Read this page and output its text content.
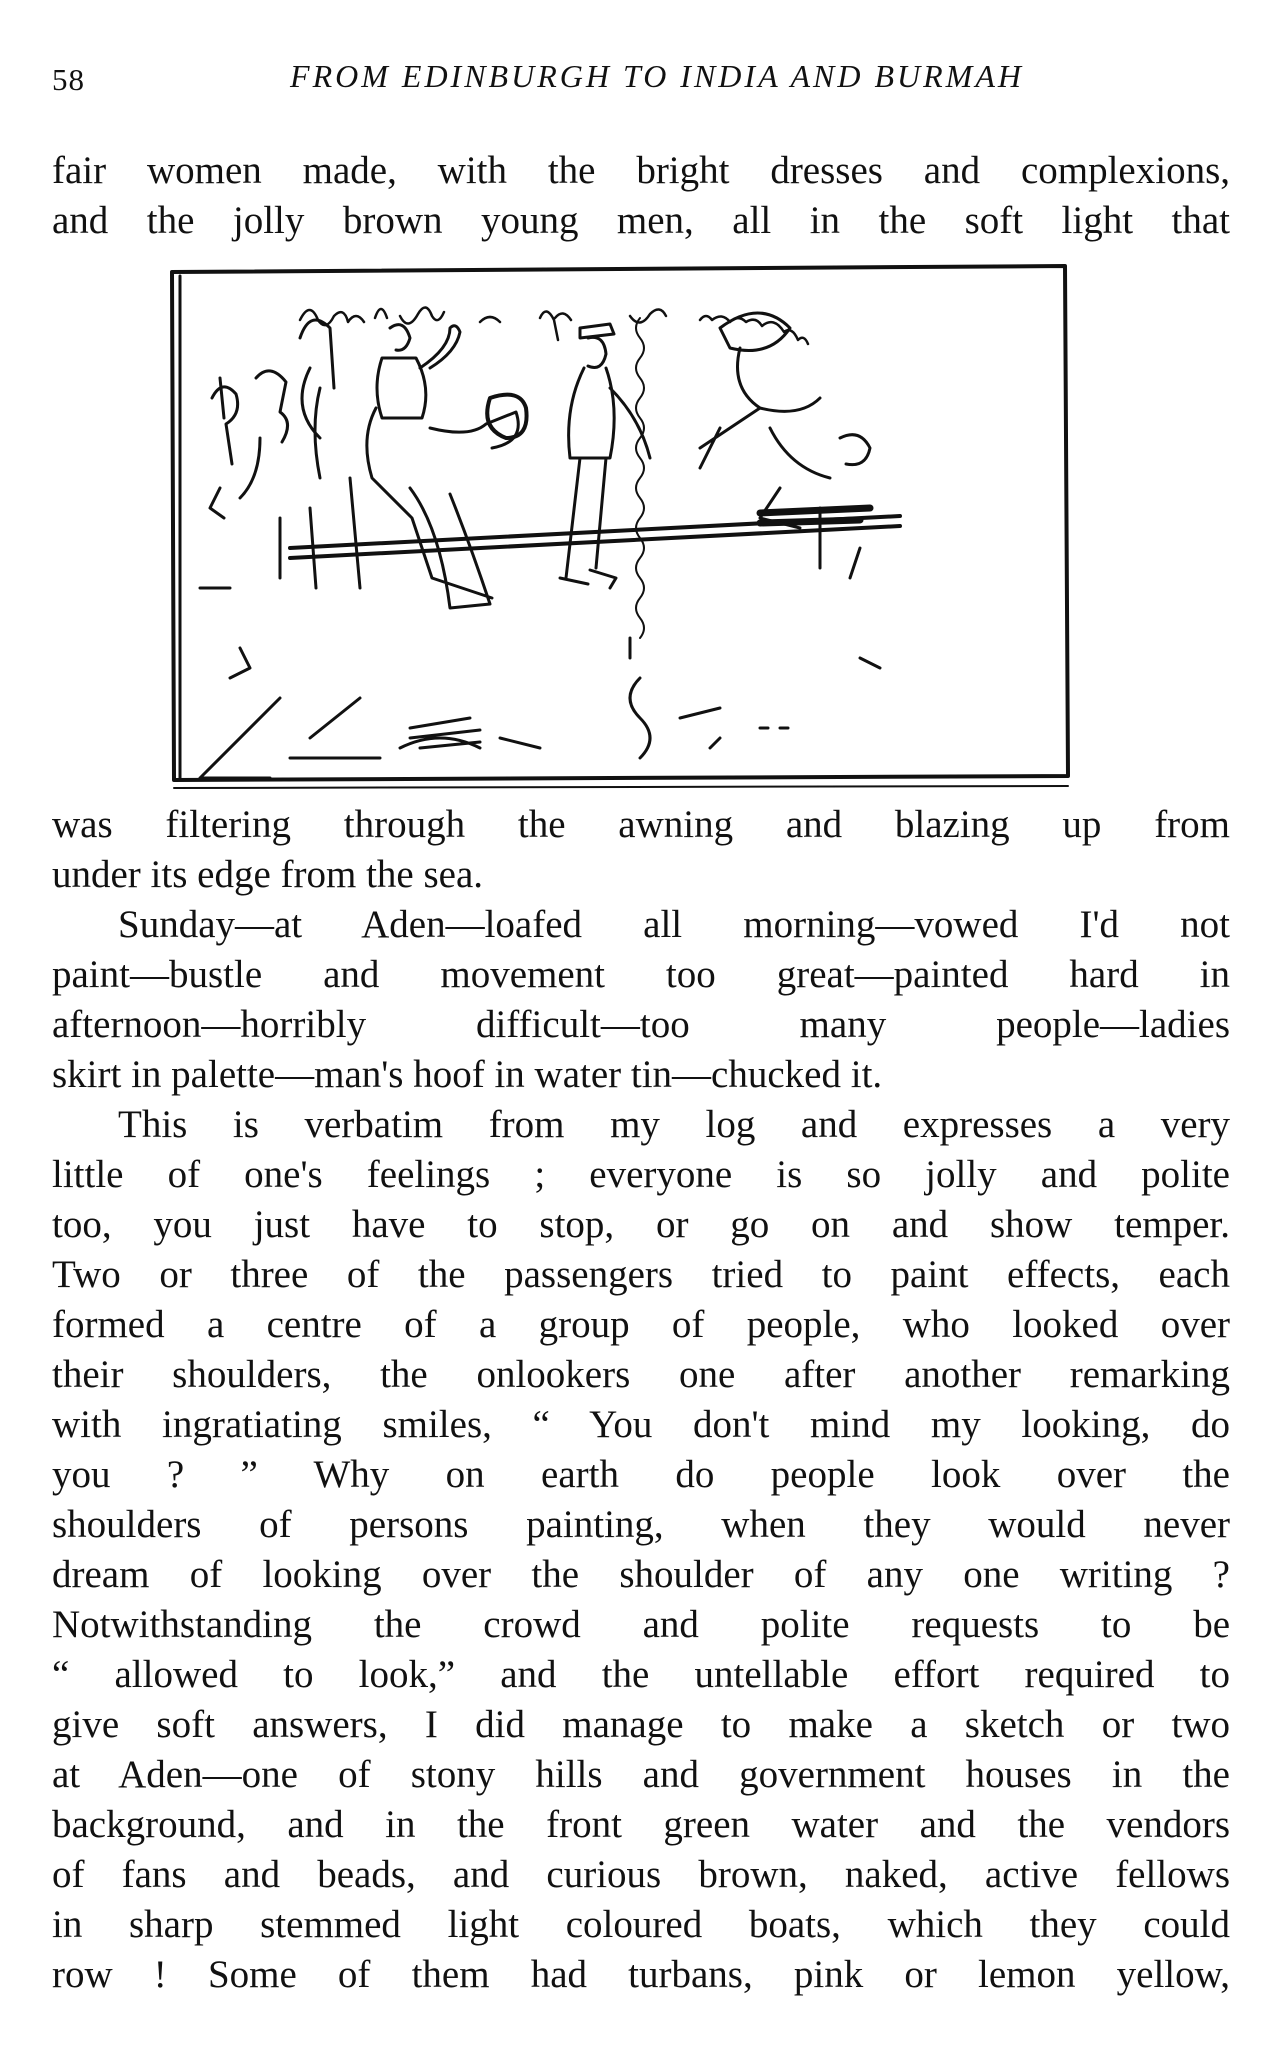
58	FROM EDINBURGH TO INDIA AND BURMAH
fair women made, with the bright dresses and complexions,
and the jolly brown young men, all in the soft light that
was filtering through the awning and blazing up from
under its edge from the sea.
Sunday—at Aden—loafed all morning—vowed I'd not
paint—bustle and movement too great—painted hard in
afternoon—horribly difficult—too many people—ladies
skirt in palette—man's hoof in water tin—chucked it.
This is verbatim from my log and expresses a very
little of one's feelings ; everyone is so jolly and polite
too, you just have to stop, or go on and show temper.
Two or three of the passengers tried to paint effects, each
formed a centre of a group of people, who looked over
their shoulders, the onlookers one after another remarking
with ingratiating smiles, “ You don't mind my looking, do
you ? ” Why on earth do people look over the
shoulders of persons painting, when they would never
dream of looking over the shoulder of any one writing ?
Notwithstanding the crowd and polite requests to be
“ allowed to look,” and the untellable effort required to
give soft answers, I did manage to make a sketch or two
at Aden—one of stony hills and government houses in the
background, and in the front green water and the vendors
of fans and beads, and curious brown, naked, active fellows
in sharp stemmed light coloured boats, which they could
row ! Some of them had turbans, pink or lemon yellow,
